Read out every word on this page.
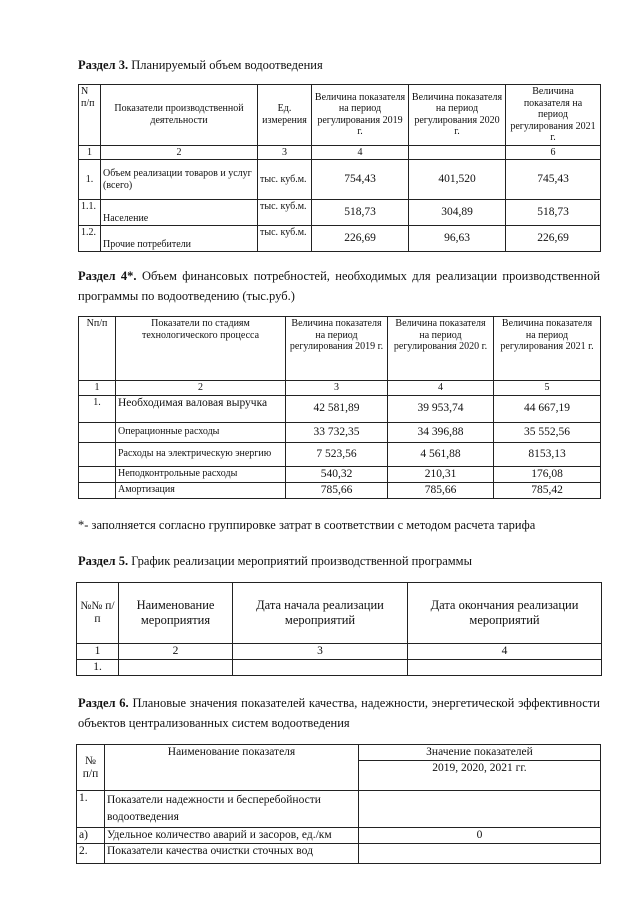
Раздел 3. Планируемый объем водоотведения
N п/п	Показатели производственной деятельности	Ед. измерения	Величина показателя на период регулирования 2019 г.	Величина показателя на период регулирования 2020 г.	Величина показателя на период регулирования 2021 г.
1	2	3	4		6
1.	Объем реализации товаров и услуг (всего)	тыс. куб.м.	754,43	401,520	745,43
1.1.	Население	тыс. куб.м.	518,73	304,89	518,73
1.2.	Прочие потребители	тыс. куб.м.	226,69	96,63	226,69
Раздел 4*. Объем финансовых потребностей, необходимых для реализации производственной программы по водоотведению (тыс.руб.)
Nп/п	Показатели по стадиям технологического процесса	Величина показателя на период регулирования 2019 г.	Величина показателя на период регулирования 2020 г.	Величина показателя на период регулирования 2021 г.
1	2	3	4	5
1.	Необходимая валовая выручка	42 581,89	39 953,74	44 667,19
	Операционные расходы	33 732,35	34 396,88	35 552,56
	Расходы на электрическую энергию	7 523,56	4 561,88	8153,13
	Неподконтрольные расходы	540,32	210,31	176,08
	Амортизация	785,66	785,66	785,42
*- заполняется согласно группировке затрат в соответствии с методом расчета тарифа
Раздел 5. График реализации мероприятий производственной программы
№№ п/п	Наименование мероприятия	Дата начала реализации мероприятий	Дата окончания реализации мероприятий
1	2	3	4
1.			
Раздел 6. Плановые значения показателей качества, надежности, энергетической эффективности объектов централизованных систем водоотведения
№ п/п	Наименование показателя	Значение показателей
		2019, 2020, 2021 гг.
1.	Показатели надежности и бесперебойности водоотведения	
а)	Удельное количество аварий и засоров, ед./км	0
2.	Показатели качества очистки сточных вод	
